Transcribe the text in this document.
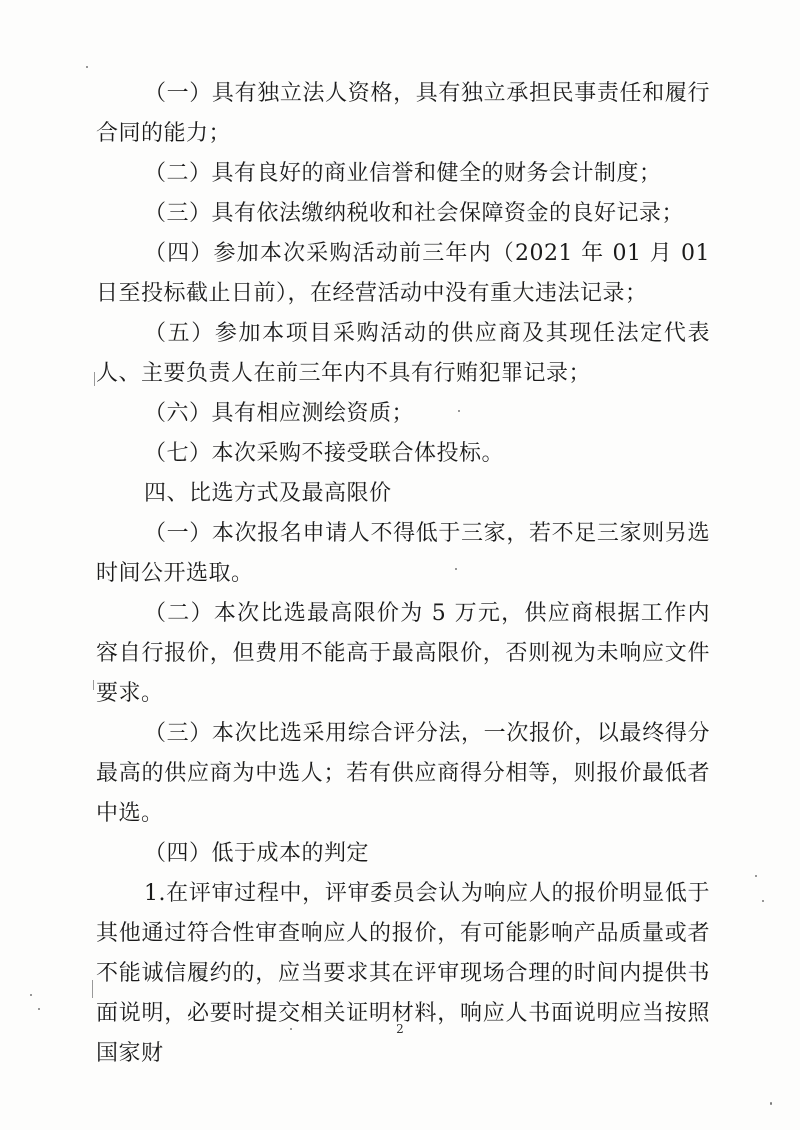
（一）具有独立法人资格，具有独立承担民事责任和履行合同的能力；

（二）具有良好的商业信誉和健全的财务会计制度；

（三）具有依法缴纳税收和社会保障资金的良好记录；

（四）参加本次采购活动前三年内（2021 年 01 月 01 日至投标截止日前），在经营活动中没有重大违法记录；

（五）参加本项目采购活动的供应商及其现任法定代表人、主要负责人在前三年内不具有行贿犯罪记录；

（六）具有相应测绘资质；

（七）本次采购不接受联合体投标。

四、比选方式及最高限价

（一）本次报名申请人不得低于三家，若不足三家则另选时间公开选取。

（二）本次比选最高限价为 5 万元，供应商根据工作内容自行报价，但费用不能高于最高限价，否则视为未响应文件要求。

（三）本次比选采用综合评分法，一次报价，以最终得分最高的供应商为中选人；若有供应商得分相等，则报价最低者中选。

（四）低于成本的判定

1.在评审过程中，评审委员会认为响应人的报价明显低于其他通过符合性审查响应人的报价，有可能影响产品质量或者不能诚信履约的，应当要求其在评审现场合理的时间内提供书面说明，必要时提交相关证明材料，响应人书面说明应当按照国家财

2
